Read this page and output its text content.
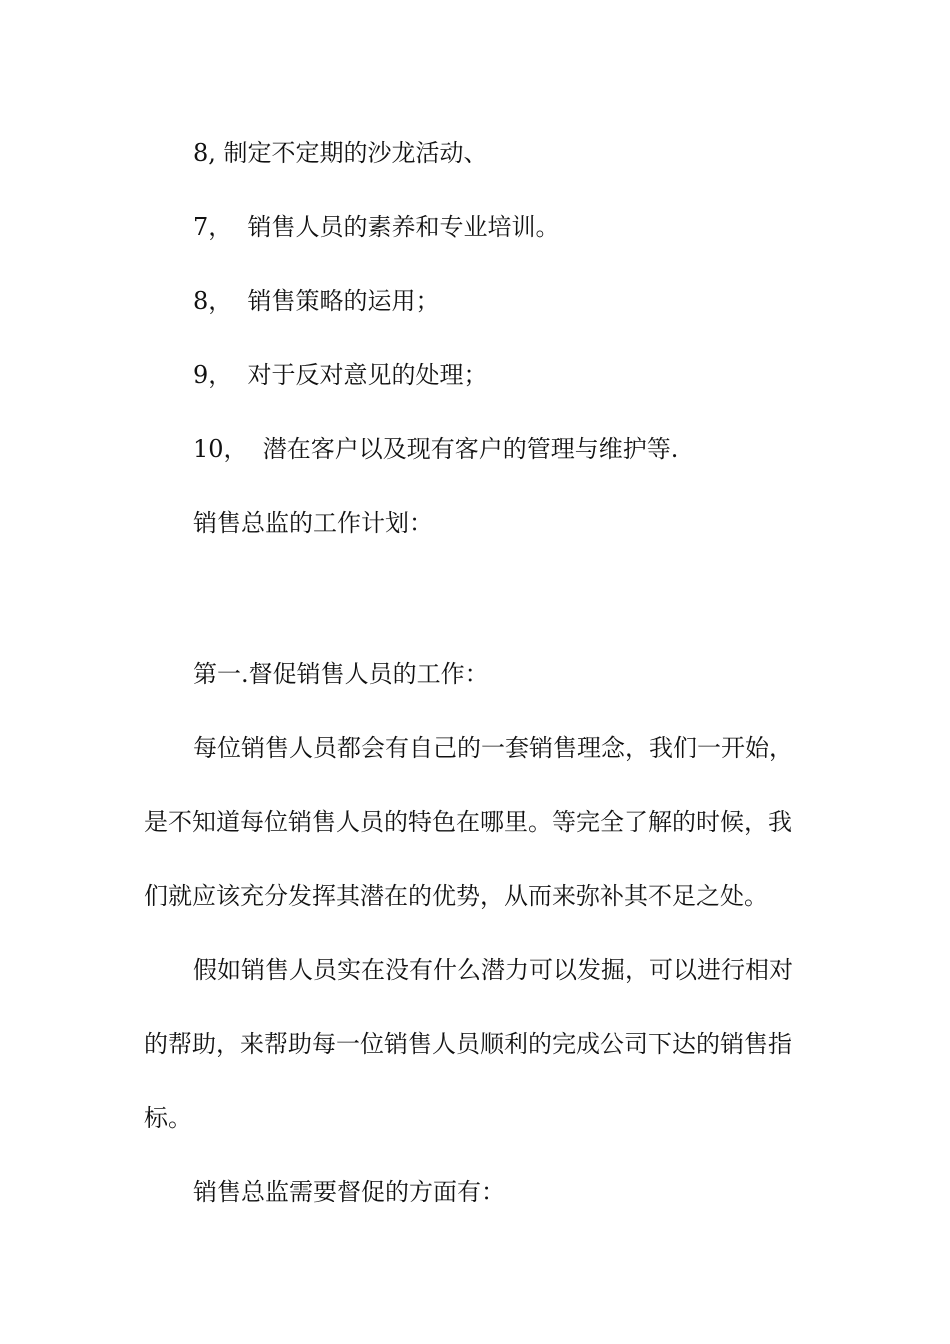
8, 制定不定期的沙龙活动、
7，  销售人员的素养和专业培训。
8，  销售策略的运用；
9，  对于反对意见的处理；
10，  潜在客户以及现有客户的管理与维护等.
销售总监的工作计划：
第一.督促销售人员的工作：
每位销售人员都会有自己的一套销售理念，我们一开始，
是不知道每位销售人员的特色在哪里。等完全了解的时候，我
们就应该充分发挥其潜在的优势，从而来弥补其不足之处。
假如销售人员实在没有什么潜力可以发掘，可以进行相对
的帮助，来帮助每一位销售人员顺利的完成公司下达的销售指
标。
销售总监需要督促的方面有：
